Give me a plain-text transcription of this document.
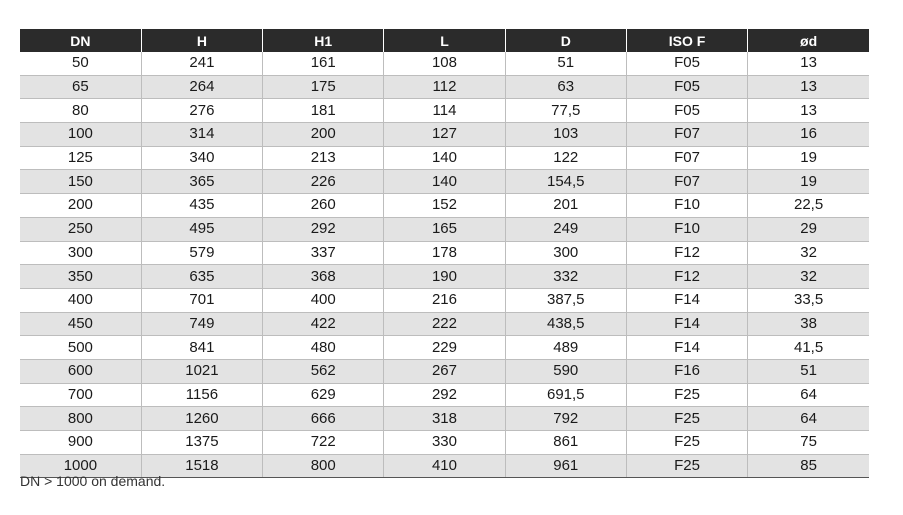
DN	H	H1	L	D	ISO F	ød
50	241	161	108	51	F05	13
65	264	175	112	63	F05	13
80	276	181	114	77,5	F05	13
100	314	200	127	103	F07	16
125	340	213	140	122	F07	19
150	365	226	140	154,5	F07	19
200	435	260	152	201	F10	22,5
250	495	292	165	249	F10	29
300	579	337	178	300	F12	32
350	635	368	190	332	F12	32
400	701	400	216	387,5	F14	33,5
450	749	422	222	438,5	F14	38
500	841	480	229	489	F14	41,5
600	1021	562	267	590	F16	51
700	1156	629	292	691,5	F25	64
800	1260	666	318	792	F25	64
900	1375	722	330	861	F25	75
1000	1518	800	410	961	F25	85
DN > 1000 on demand.
